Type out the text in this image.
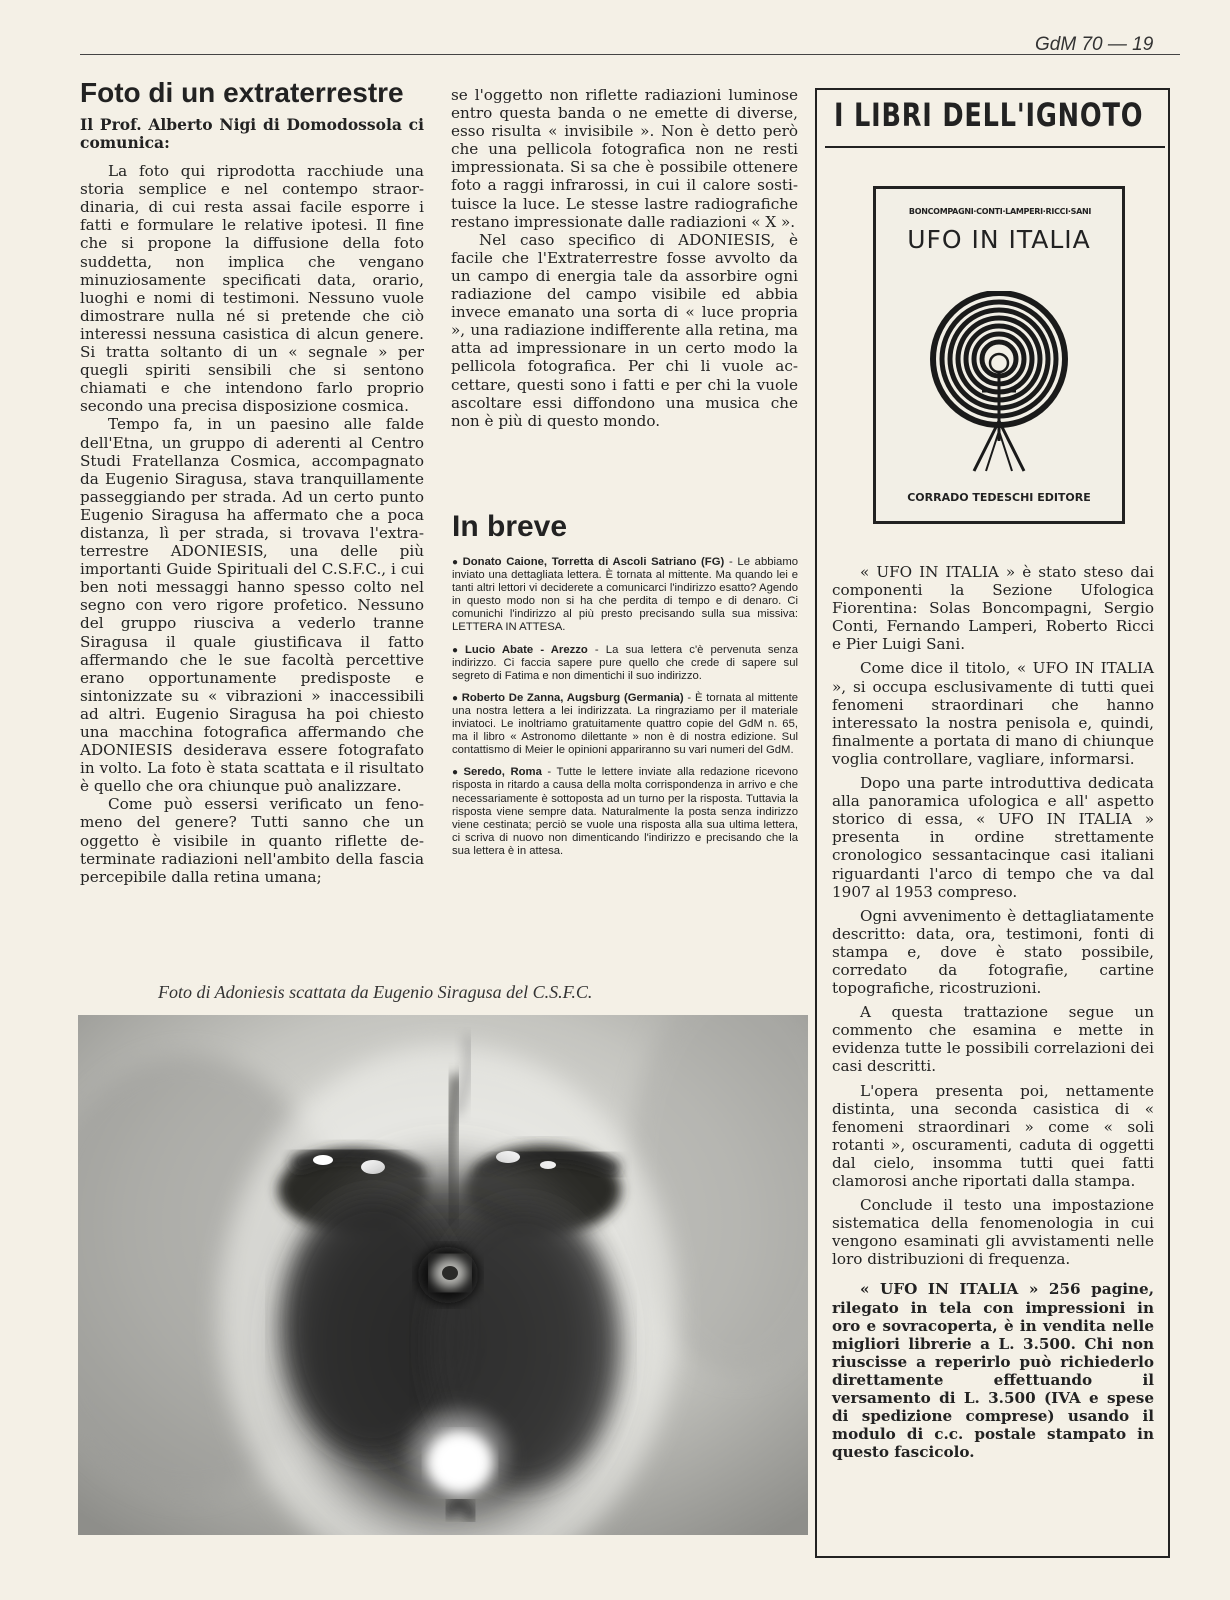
GdM 70 — 19
Foto di un extraterrestre
Il Prof. Alberto Nigi di Domodossola ci comunica:

La foto qui riprodotta racchiude una storia semplice e nel contempo straordinaria, di cui resta assai facile esporre i fatti e formulare le relative ipotesi. Il fine che si propone la diffusione della foto suddetta, non implica che vengano minuziosamente specificati data, orario, luoghi e nomi di testimoni. Nessuno vuole dimostrare nulla né si pretende che ciò interessi nessuna casistica di alcun genere. Si tratta soltanto di un « segnale » per quegli spiriti sensibili che si sentono chiamati e che intendono farlo proprio secondo una precisa disposizione cosmica.

Tempo fa, in un paesino alle falde dell'Etna, un gruppo di aderenti al Centro Studi Fratellanza Cosmica, accompagnato da Eugenio Siragusa, stava tranquillamente passeggiando per strada. Ad un certo punto Eugenio Siragusa ha affermato che a poca distanza, lì per strada, si trovava l'extraterrestre ADONIESIS, una delle più importanti Guide Spirituali del C.S.F.C., i cui ben noti messaggi hanno spesso colto nel segno con vero rigore profetico. Nessuno del gruppo riusciva a vederlo tranne Siragusa il quale giustificava il fatto affermando che le sue facoltà percettive erano opportunamente predisposte e sintonizzate su « vibrazioni » inaccessibili ad altri. Eugenio Siragusa ha poi chiesto una macchina fotografica affermando che ADONIESIS desiderava essere fotografato in volto. La foto è stata scattata e il risultato è quello che ora chiunque può analizzare.

Come può essersi verificato un fenomeno del genere? Tutti sanno che un oggetto è visibile in quanto riflette determinate radiazioni nell'ambito della fascia percepibile dalla retina umana;

se l'oggetto non riflette radiazioni luminose entro questa banda o ne emette di diverse, esso risulta « invisibile ». Non è detto però che una pellicola fotografica non ne resti impressionata. Si sa che è possibile ottenere foto a raggi infrarossi, in cui il calore sostituisce la luce. Le stesse lastre radiografiche restano impressionate dalle radiazioni « X ».

Nel caso specifico di ADONIESIS, è facile che l'Extraterrestre fosse avvolto da un campo di energia tale da assorbire ogni radiazione del campo visibile ed abbia invece emanato una sorta di « luce propria », una radiazione indifferente alla retina, ma atta ad impressionare in un certo modo la pellicola fotografica. Per chi li vuole accettare, questi sono i fatti e per chi la vuole ascoltare essi diffondono una musica che non è più di questo mondo.

In breve
● Donato Caione, Torretta di Ascoli Satriano (FG) - Le abbiamo inviato una dettagliata lettera. È tornata al mittente. Ma quando lei e tanti altri lettori vi deciderete a comunicarci l'indirizzo esatto? Agendo in questo modo non si ha che perdita di tempo e di denaro. Ci comunichi l'indirizzo al più presto precisando sulla sua missiva: LETTERA IN ATTESA.
● Lucio Abate - Arezzo - La sua lettera c'è pervenuta senza indirizzo. Ci faccia sapere pure quello che crede di sapere sul segreto di Fatima e non dimentichi il suo indirizzo.
● Roberto De Zanna, Augsburg (Germania) - È tornata al mittente una nostra lettera a lei indirizzata. La ringraziamo per il materiale inviatoci. Le inoltriamo gratuitamente quattro copie del GdM n. 65, ma il libro « Astronomo dilettante » non è di nostra edizione. Sul contattismo di Meier le opinioni appariranno su vari numeri del GdM.
● Seredo, Roma - Tutte le lettere inviate alla redazione ricevono risposta in ritardo a causa della molta corrispondenza in arrivo e che necessariamente è sottoposta ad un turno per la risposta. Tuttavia la risposta viene sempre data. Naturalmente la posta senza indirizzo viene cestinata; perciò se vuole una risposta alla sua ultima lettera, ci scriva di nuovo non dimenticando l'indirizzo e precisando che la sua lettera è in attesa.
Foto di Adoniesis scattata da Eugenio Siragusa del C.S.F.C.
I LIBRI DELL'IGNOTO
BONCOMPAGNI·CONTI·LAMPERI·RICCI·SANI
UFO IN ITALIA
CORRADO TEDESCHI EDITORE

« UFO IN ITALIA » è stato steso dai componenti la Sezione Ufologica Fiorentina: Solas Boncompagni, Sergio Conti, Fernando Lamperi, Roberto Ricci e Pier Luigi Sani.

Come dice il titolo, « UFO IN ITALIA », si occupa esclusivamente di tutti quei fenomeni straordinari che hanno interessato la nostra penisola e, quindi, finalmente a portata di mano di chiunque voglia controllare, vagliare, informarsi.

Dopo una parte introduttiva dedicata alla panoramica ufologica e all' aspetto storico di essa, « UFO IN ITALIA » presenta in ordine strettamente cronologico sessantacinque casi italiani riguardanti l'arco di tempo che va dal 1907 al 1953 compreso.

Ogni avvenimento è dettagliatamente descritto: data, ora, testimoni, fonti di stampa e, dove è stato possibile, corredato da fotografie, cartine topografiche, ricostruzioni.

A questa trattazione segue un commento che esamina e mette in evidenza tutte le possibili correlazioni dei casi descritti.

L'opera presenta poi, nettamente distinta, una seconda casistica di « fenomeni straordinari » come « soli rotanti », oscuramenti, caduta di oggetti dal cielo, insomma tutti quei fatti clamorosi anche riportati dalla stampa.

Conclude il testo una impostazione sistematica della fenomenologia in cui vengono esaminati gli avvistamenti nelle loro distribuzioni di frequenza.

« UFO IN ITALIA » 256 pagine, rilegato in tela con impressioni in oro e sovracoperta, è in vendita nelle migliori librerie a L. 3.500. Chi non riuscisse a reperirlo può richiederlo direttamente effettuando il versamento di L. 3.500 (IVA e spese di spedizione comprese) usando il modulo di c.c. postale stampato in questo fascicolo.
